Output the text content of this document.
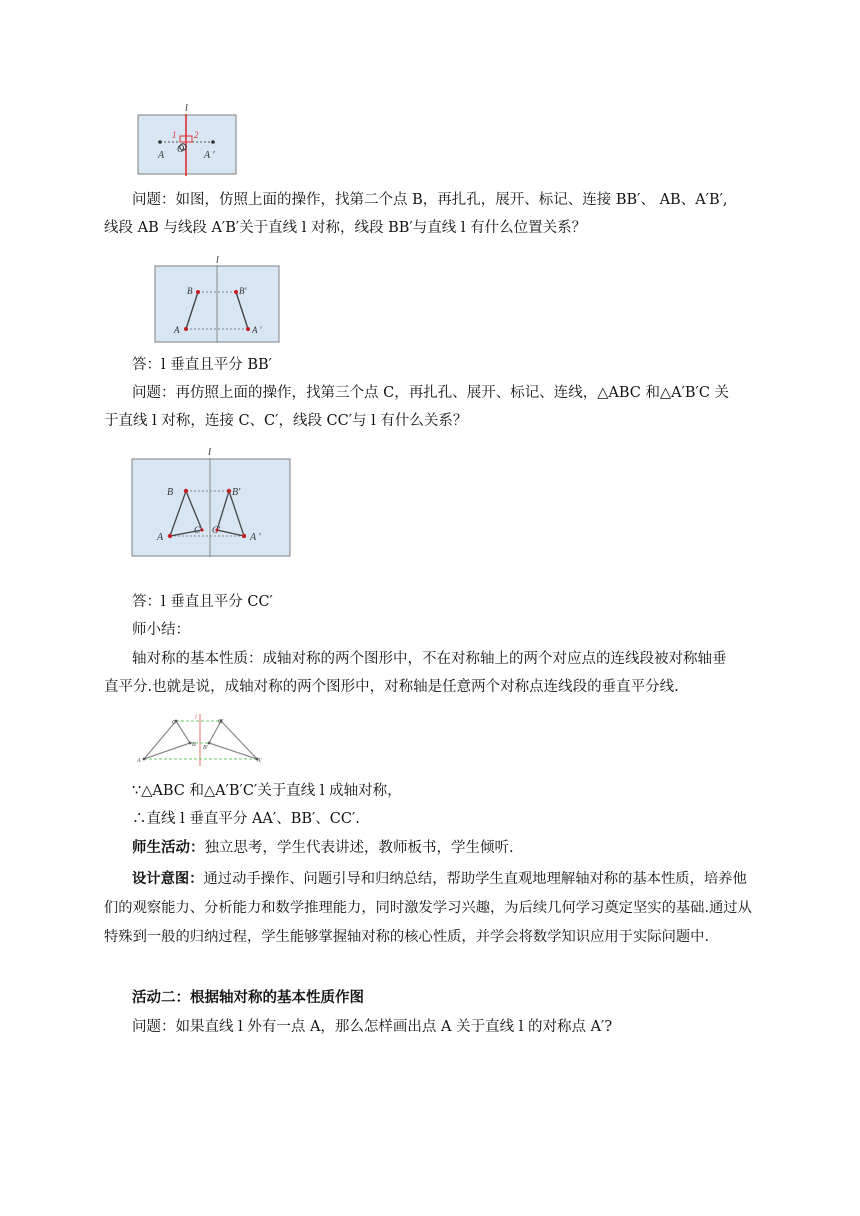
l
1 2
A
O
A ′

问题：如图，仿照上面的操作，找第二个点 B，再扎孔，展开、标记、连接 BB′、 AB、A′B′,

线段 AB 与线段 A′B′关于直线 l 对称，线段 BB′与直线 l 有什么位置关系？

l
B	B′
A	A ′

答：l 垂直且平分 BB′

问题：再仿照上面的操作，找第三个点 C，再扎孔、展开、标记、连线，△ABC 和△A′B′C 关

于直线 l 对称，连接 C、C′，线段 CC′与 l 有什么关系？

l
B	B′
A	A ′
C C′

答：l 垂直且平分 CC′

师小结：

轴对称的基本性质：成轴对称的两个图形中，不在对称轴上的两个对应点的连线段被对称轴垂

直平分.也就是说，成轴对称的两个图形中，对称轴是任意两个对称点连线段的垂直平分线.

l
C	C′
B B′
A	A′

∵△ABC 和△A′B′C′关于直线 l 成轴对称，

∴直线 l 垂直平分 AA′、BB′、CC′.

师生活动：独立思考，学生代表讲述，教师板书，学生倾听.

设计意图：通过动手操作、问题引导和归纳总结，帮助学生直观地理解轴对称的基本性质，培养他们的观察能力、分析能力和数学推理能力，同时激发学习兴趣，为后续几何学习奠定坚实的基础.通过从特殊到一般的归纳过程，学生能够掌握轴对称的核心性质，并学会将数学知识应用于实际问题中.

活动二：根据轴对称的基本性质作图

问题：如果直线 l 外有一点 A，那么怎样画出点 A 关于直线 l 的对称点 A′?
